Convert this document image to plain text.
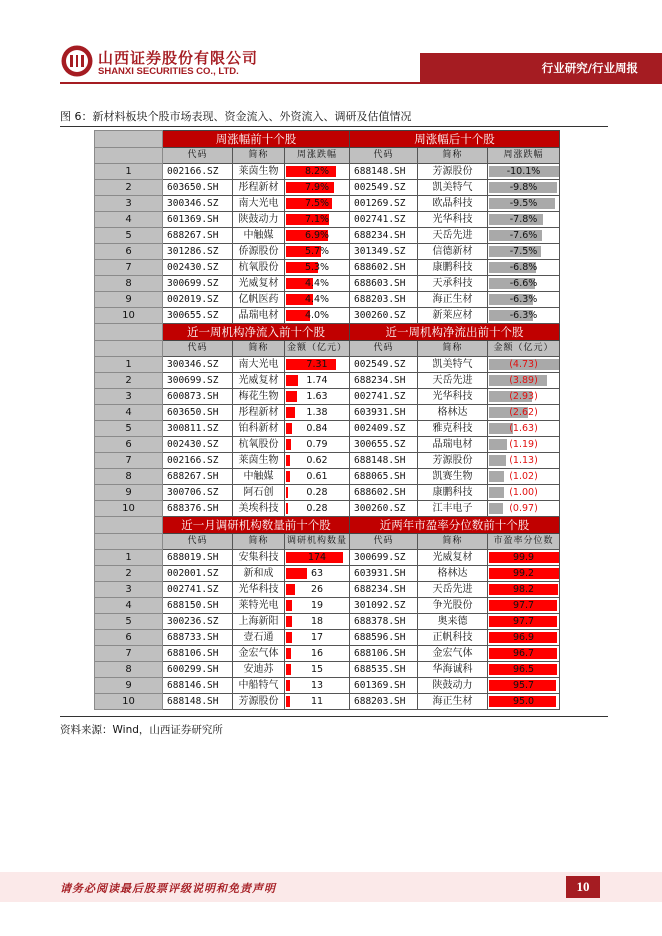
山西证券股份有限公司
SHANXI SECURITIES CO., LTD.	行业研究/行业周报
图 6：新材料板块个股市场表现、资金流入、外资流入、调研及估值情况
	周涨幅前十个股			周涨幅后十个股		
	代码	简称	周涨跌幅	代码	简称	周涨跌幅
1	002166.SZ	莱茵生物	8.2%	688148.SH	芳源股份	-10.1%

2	603650.SH	彤程新材	7.9%	002549.SZ	凯美特气	-9.8%

3	300346.SZ	南大光电	7.5%	001269.SZ	欧晶科技	-9.5%

4	601369.SH	陕鼓动力	7.1%	002741.SZ	光华科技	-7.8%

5	688267.SH	中触媒	6.9%	688234.SH	天岳先进	-7.6%

6	301286.SZ	侨源股份	5.7%	301349.SZ	信德新材	-7.5%

7	002430.SZ	杭氧股份	5.3%	688602.SH	康鹏科技	-6.8%

8	300699.SZ	光威复材	4.4%	688603.SH	天承科技	-6.6%

9	002019.SZ	亿帆医药	4.4%	688203.SH	海正生材	-6.3%

10	300655.SZ	晶瑞电材	4.0%	300260.SZ	新莱应材	-6.3%

	近一周机构净流入前十个股			近一周机构净流出前十个股		
	代码	简称	金额（亿元）	代码	简称	金额（亿元）
1	300346.SZ	南大光电	7.31	002549.SZ	凯美特气	(4.73)

2	300699.SZ	光威复材	1.74	688234.SH	天岳先进	(3.89)

3	600873.SH	梅花生物	1.63	002741.SZ	光华科技	(2.93)

4	603650.SH	彤程新材	1.38	603931.SH	格林达	(2.62)

5	300811.SZ	铂科新材	0.84	002409.SZ	雅克科技	(1.63)

6	002430.SZ	杭氧股份	0.79	300655.SZ	晶瑞电材	(1.19)

7	002166.SZ	莱茵生物	0.62	688148.SH	芳源股份	(1.13)

8	688267.SH	中触媒	0.61	688065.SH	凯赛生物	(1.02)

9	300706.SZ	阿石创	0.28	688602.SH	康鹏科技	(1.00)

10	688376.SH	美埃科技	0.28	300260.SZ	江丰电子	(0.97)

	近一月调研机构数量前十个股			近两年市盈率分位数前十个股		
	代码	简称	调研机构数量	代码	简称	市盈率分位数
1	688019.SH	安集科技	174	300699.SZ	光威复材	99.9

2	002001.SZ	新和成	63	603931.SH	格林达	99.2

3	002741.SZ	光华科技	26	688234.SH	天岳先进	98.2

4	688150.SH	莱特光电	19	301092.SZ	争光股份	97.7

5	300236.SZ	上海新阳	18	688378.SH	奥来德	97.7

6	688733.SH	壹石通	17	688596.SH	正帆科技	96.9

7	688106.SH	金宏气体	16	688106.SH	金宏气体	96.7

8	600299.SH	安迪苏	15	688535.SH	华海诚科	96.5

9	688146.SH	中船特气	13	601369.SH	陕鼓动力	95.7

10	688148.SH	芳源股份	11	688203.SH	海正生材	95.0
资料来源：Wind，山西证券研究所
请务必阅读最后股票评级说明和免责声明	10
